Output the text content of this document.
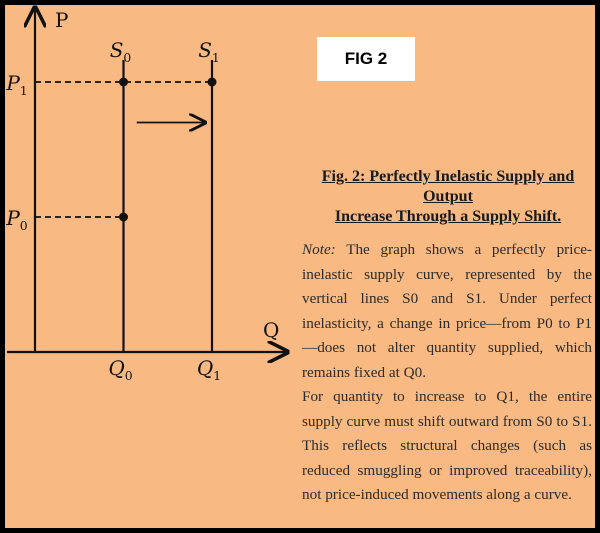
P
Q
$S_0$	$S_1$
$P_0$
$P_1$
$Q_0$	$Q_1$
FIG 2
Fig. 2: Perfectly Inelastic Supply and Output
Increase Through a Supply Shift.

Note: The graph shows a perfectly price-inelastic supply curve, represented by the vertical lines S0 and S1. Under perfect inelasticity, a change in price—from P0 to P1—does not alter quantity supplied, which remains fixed at Q0.

For quantity to increase to Q1, the entire supply curve must shift outward from S0 to S1. This reflects structural changes (such as reduced smuggling or improved traceability), not price-induced movements along a curve.
